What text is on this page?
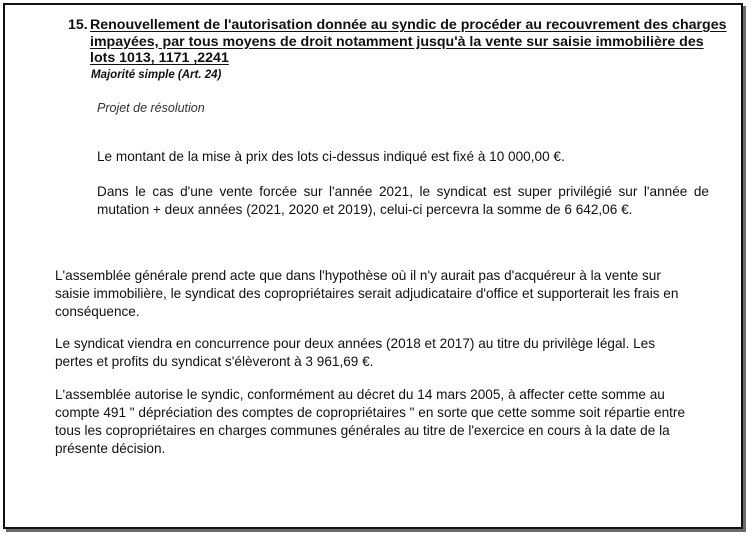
15. Renouvellement de l'autorisation donnée au syndic de procéder au recouvrement des charges impayées, par tous moyens de droit notamment jusqu'à la vente sur saisie immobilière des lots 1013, 1171 ,2241
Majorité simple (Art. 24)
Projet de résolution
Le montant de la mise à prix des lots ci-dessus indiqué est fixé à 10 000,00 €.
Dans le cas d'une vente forcée sur l'année 2021, le syndicat est super privilégié sur l'année de mutation + deux années (2021, 2020 et 2019), celui-ci percevra la somme de 6 642,06 €.
L'assemblée générale prend acte que dans l'hypothèse où il n'y aurait pas d'acquéreur à la vente sur saisie immobilière, le syndicat des copropriétaires serait adjudicataire d'office et supporterait les frais en conséquence.
Le syndicat viendra en concurrence pour deux années (2018 et 2017) au titre du privilège légal. Les pertes et profits du syndicat s'élèveront à 3 961,69 €.
L'assemblée autorise le syndic, conformément au décret du 14 mars 2005, à affecter cette somme au compte 491 " dépréciation des comptes de copropriétaires " en sorte que cette somme soit répartie entre tous les copropriétaires en charges communes générales au titre de l'exercice en cours à la date de la présente décision.
